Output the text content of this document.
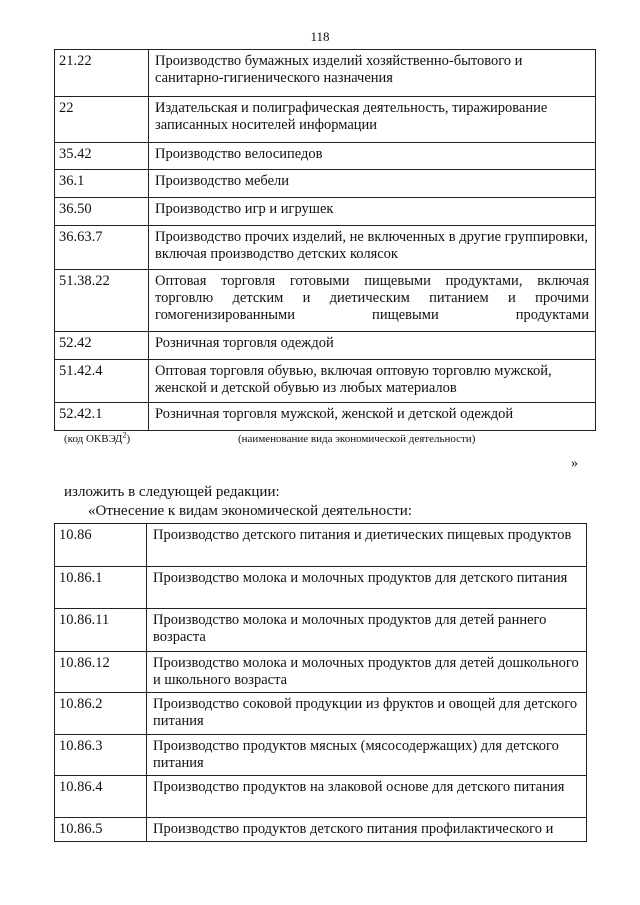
118
21.22	Производство бумажных изделий хозяйственно-бытового и санитарно-гигиенического назначения
22	Издательская и полиграфическая деятельность, тиражирование записанных носителей информации
35.42	Производство велосипедов
36.1	Производство мебели
36.50	Производство игр и игрушек
36.63.7	Производство прочих изделий, не включенных в другие группировки, включая производство детских колясок
51.38.22	Оптовая торговля готовыми пищевыми продуктами, включая торговлю детским и диетическим питанием и прочими гомогенизированными пищевыми продуктами
52.42	Розничная торговля одеждой
51.42.4	Оптовая торговля обувью, включая оптовую торговлю мужской, женской и детской обувью из любых материалов
52.42.1	Розничная торговля мужской, женской и детской одеждой
(код ОКВЭД$^2$)	(наименование вида экономической деятельности)
»
изложить в следующей редакции:
«Отнесение к видам экономической деятельности:
10.86	Производство детского питания и диетических пищевых продуктов
10.86.1	Производство молока и молочных продуктов для детского питания
10.86.11	Производство молока и молочных продуктов для детей раннего возраста
10.86.12	Производство молока и молочных продуктов для детей дошкольного и школьного возраста
10.86.2	Производство соковой продукции из фруктов и овощей для детского питания
10.86.3	Производство продуктов мясных (мясосодержащих) для детского питания
10.86.4	Производство продуктов на злаковой основе для детского питания
10.86.5	Производство продуктов детского питания профилактического и
